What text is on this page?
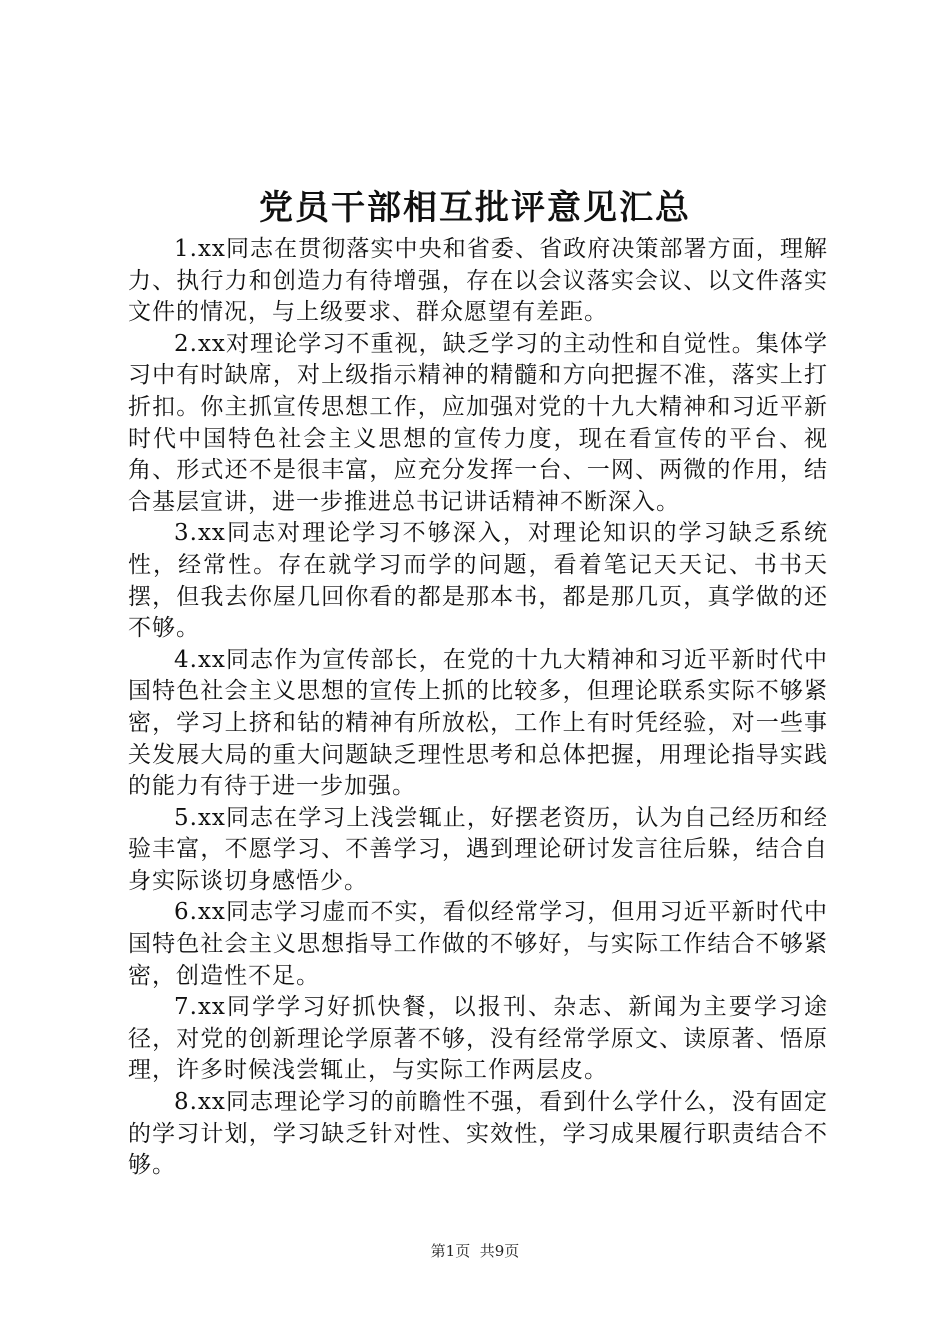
党员干部相互批评意见汇总

1.xx同志在贯彻落实中央和省委、省政府决策部署方面，理解力、执行力和创造力有待增强，存在以会议落实会议、以文件落实文件的情况，与上级要求、群众愿望有差距。

2.xx对理论学习不重视，缺乏学习的主动性和自觉性。集体学习中有时缺席，对上级指示精神的精髓和方向把握不准，落实上打折扣。你主抓宣传思想工作，应加强对党的十九大精神和习近平新时代中国特色社会主义思想的宣传力度，现在看宣传的平台、视角、形式还不是很丰富，应充分发挥一台、一网、两微的作用，结合基层宣讲，进一步推进总书记讲话精神不断深入。

3.xx同志对理论学习不够深入，对理论知识的学习缺乏系统性，经常性。存在就学习而学的问题，看着笔记天天记、书书天摆，但我去你屋几回你看的都是那本书，都是那几页，真学做的还不够。

4.xx同志作为宣传部长，在党的十九大精神和习近平新时代中国特色社会主义思想的宣传上抓的比较多，但理论联系实际不够紧密，学习上挤和钻的精神有所放松，工作上有时凭经验，对一些事关发展大局的重大问题缺乏理性思考和总体把握，用理论指导实践的能力有待于进一步加强。

5.xx同志在学习上浅尝辄止，好摆老资历，认为自己经历和经验丰富，不愿学习、不善学习，遇到理论研讨发言往后躲，结合自身实际谈切身感悟少。

6.xx同志学习虚而不实，看似经常学习，但用习近平新时代中国特色社会主义思想指导工作做的不够好，与实际工作结合不够紧密，创造性不足。

7.xx同学学习好抓快餐，以报刊、杂志、新闻为主要学习途径，对党的创新理论学原著不够，没有经常学原文、读原著、悟原理，许多时候浅尝辄止，与实际工作两层皮。

8.xx同志理论学习的前瞻性不强，看到什么学什么，没有固定的学习计划，学习缺乏针对性、实效性，学习成果履行职责结合不够。

第1页 共9页
